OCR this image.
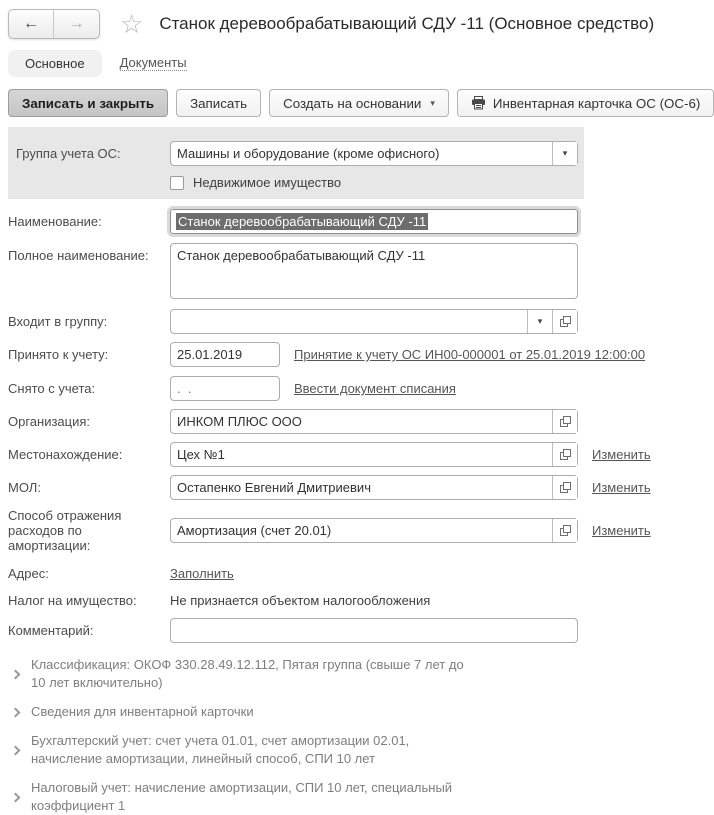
← → ☆ Станок деревообрабатывающий СДУ -11 (Основное средство)
Основное	Документы
Записать и закрыть	Записать	Создать на основании ▾	Инвентарная карточка ОС (ОС-6)
Группа учета ОС:	Машины и оборудование (кроме офисного)	▾
Недвижимое имущество
Наименование:	Станок деревообрабатывающий СДУ -11
Полное наименование:
Станок деревообрабатывающий СДУ -11
Входит в группу:	▾
Принято к учету:
25.01.2019	Принятие к учету ОС ИН00-000001 от 25.01.2019 12:00:00
Снято с учета:
. .	Ввести документ списания
Организация:	ИНКОМ ПЛЮС ООО
Местонахождение:	Цех №1	Изменить
МОЛ:	Остапенко Евгений Дмитриевич	Изменить
Способ отражения расходов по амортизации:
Амортизация (счет 20.01)	Изменить
Адрес:	Заполнить
Налог на имущество:	Не признается объектом налогообложения
Комментарий:
Классификация: ОКОФ 330.28.49.12.112, Пятая группа (свыше 7 лет до 10 лет включительно)
Сведения для инвентарной карточки
Бухгалтерский учет: счет учета 01.01, счет амортизации 02.01, начисление амортизации, линейный способ, СПИ 10 лет
Налоговый учет: начисление амортизации, СПИ 10 лет, специальный коэффициент 1
